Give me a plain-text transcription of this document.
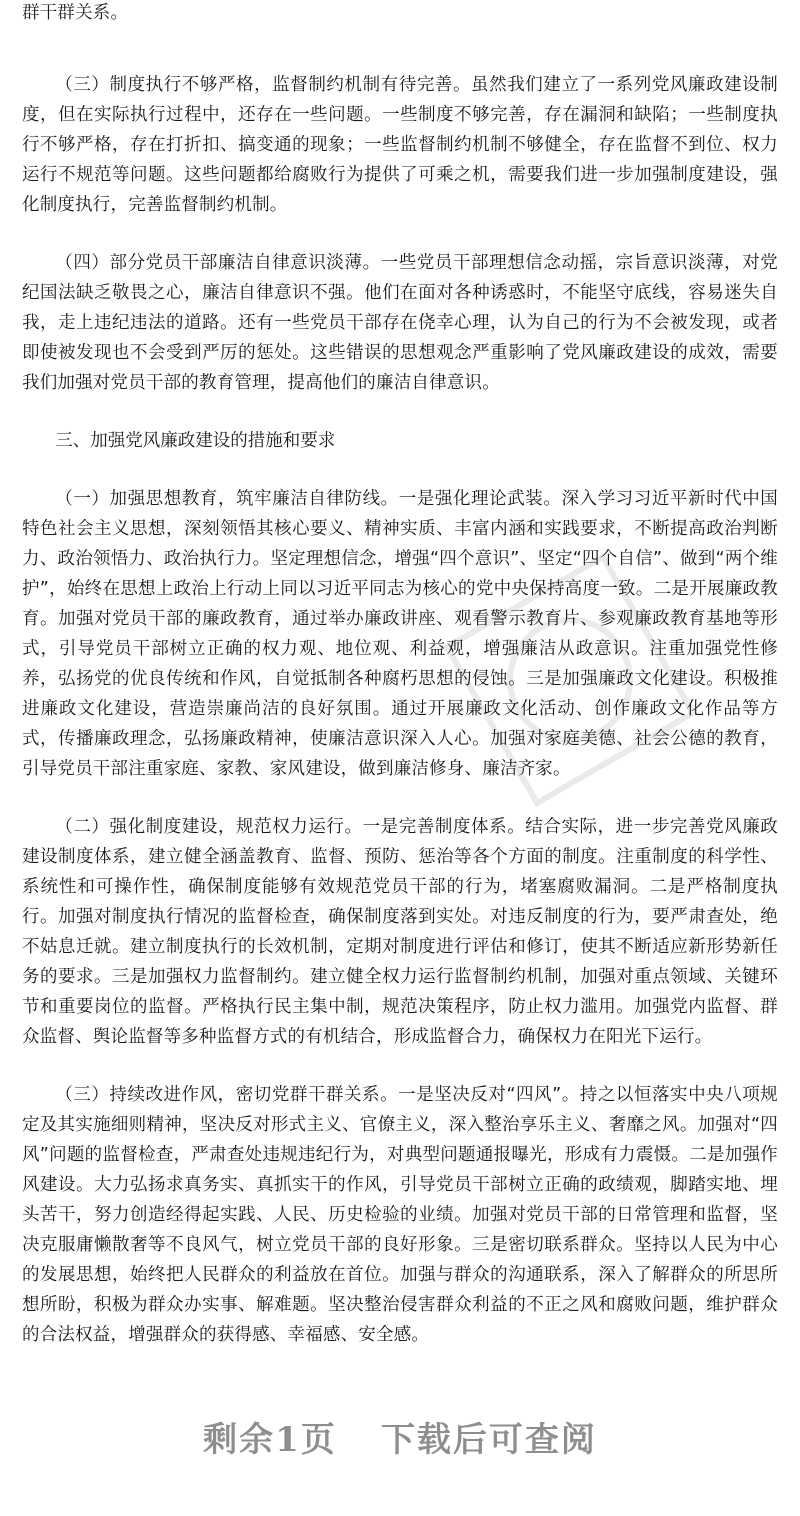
群干群关系。

（三）制度执行不够严格，监督制约机制有待完善。虽然我们建立了一系列党风廉政建设制度，但在实际执行过程中，还存在一些问题。一些制度不够完善，存在漏洞和缺陷；一些制度执行不够严格，存在打折扣、搞变通的现象；一些监督制约机制不够健全，存在监督不到位、权力运行不规范等问题。这些问题都给腐败行为提供了可乘之机，需要我们进一步加强制度建设，强化制度执行，完善监督制约机制。

（四）部分党员干部廉洁自律意识淡薄。一些党员干部理想信念动摇，宗旨意识淡薄，对党纪国法缺乏敬畏之心，廉洁自律意识不强。他们在面对各种诱惑时，不能坚守底线，容易迷失自我，走上违纪违法的道路。还有一些党员干部存在侥幸心理，认为自己的行为不会被发现，或者即使被发现也不会受到严厉的惩处。这些错误的思想观念严重影响了党风廉政建设的成效，需要我们加强对党员干部的教育管理，提高他们的廉洁自律意识。

三、加强党风廉政建设的措施和要求

（一）加强思想教育，筑牢廉洁自律防线。一是强化理论武装。深入学习习近平新时代中国特色社会主义思想，深刻领悟其核心要义、精神实质、丰富内涵和实践要求，不断提高政治判断力、政治领悟力、政治执行力。坚定理想信念，增强“四个意识”、坚定“四个自信”、做到“两个维护”，始终在思想上政治上行动上同以习近平同志为核心的党中央保持高度一致。二是开展廉政教育。加强对党员干部的廉政教育，通过举办廉政讲座、观看警示教育片、参观廉政教育基地等形式，引导党员干部树立正确的权力观、地位观、利益观，增强廉洁从政意识。注重加强党性修养，弘扬党的优良传统和作风，自觉抵制各种腐朽思想的侵蚀。三是加强廉政文化建设。积极推进廉政文化建设，营造崇廉尚洁的良好氛围。通过开展廉政文化活动、创作廉政文化作品等方式，传播廉政理念，弘扬廉政精神，使廉洁意识深入人心。加强对家庭美德、社会公德的教育，引导党员干部注重家庭、家教、家风建设，做到廉洁修身、廉洁齐家。

（二）强化制度建设，规范权力运行。一是完善制度体系。结合实际，进一步完善党风廉政建设制度体系，建立健全涵盖教育、监督、预防、惩治等各个方面的制度。注重制度的科学性、系统性和可操作性，确保制度能够有效规范党员干部的行为，堵塞腐败漏洞。二是严格制度执行。加强对制度执行情况的监督检查，确保制度落到实处。对违反制度的行为，要严肃查处，绝不姑息迁就。建立制度执行的长效机制，定期对制度进行评估和修订，使其不断适应新形势新任务的要求。三是加强权力监督制约。建立健全权力运行监督制约机制，加强对重点领域、关键环节和重要岗位的监督。严格执行民主集中制，规范决策程序，防止权力滥用。加强党内监督、群众监督、舆论监督等多种监督方式的有机结合，形成监督合力，确保权力在阳光下运行。

（三）持续改进作风，密切党群干群关系。一是坚决反对“四风”。持之以恒落实中央八项规定及其实施细则精神，坚决反对形式主义、官僚主义，深入整治享乐主义、奢靡之风。加强对“四风”问题的监督检查，严肃查处违规违纪行为，对典型问题通报曝光，形成有力震慑。二是加强作风建设。大力弘扬求真务实、真抓实干的作风，引导党员干部树立正确的政绩观，脚踏实地、埋头苦干，努力创造经得起实践、人民、历史检验的业绩。加强对党员干部的日常管理和监督，坚决克服庸懒散奢等不良风气，树立党员干部的良好形象。三是密切联系群众。坚持以人民为中心的发展思想，始终把人民群众的利益放在首位。加强与群众的沟通联系，深入了解群众的所思所想所盼，积极为群众办实事、解难题。坚决整治侵害群众利益的不正之风和腐败问题，维护群众的合法权益，增强群众的获得感、幸福感、安全感。

剩余1页 下载后可查阅
